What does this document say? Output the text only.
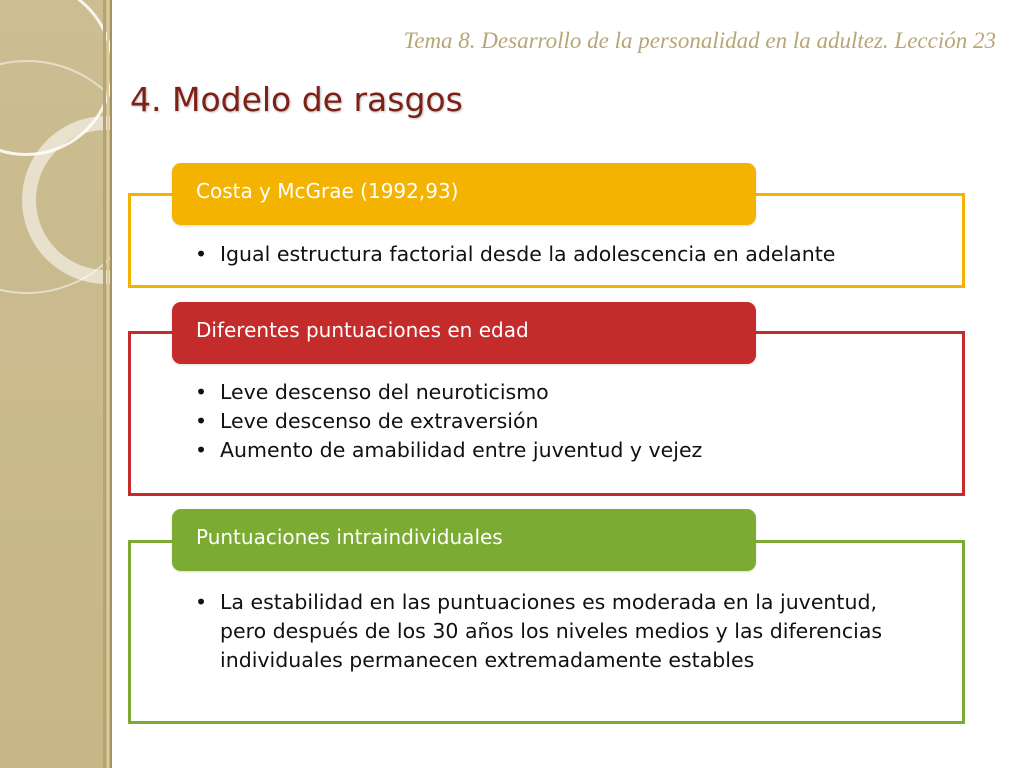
Tema 8. Desarrollo de la personalidad en la adultez. Lección 23
4. Modelo de rasgos
Costa y McGrae (1992,93)
• Igual estructura factorial desde la adolescencia en adelante
Diferentes puntuaciones en edad
• Leve descenso del neuroticismo
• Leve descenso de extraversión
• Aumento de amabilidad entre juventud y vejez
Puntuaciones intraindividuales
• La estabilidad en las puntuaciones es moderada en la juventud, pero después de los 30 años los niveles medios y las diferencias individuales permanecen extremadamente estables
